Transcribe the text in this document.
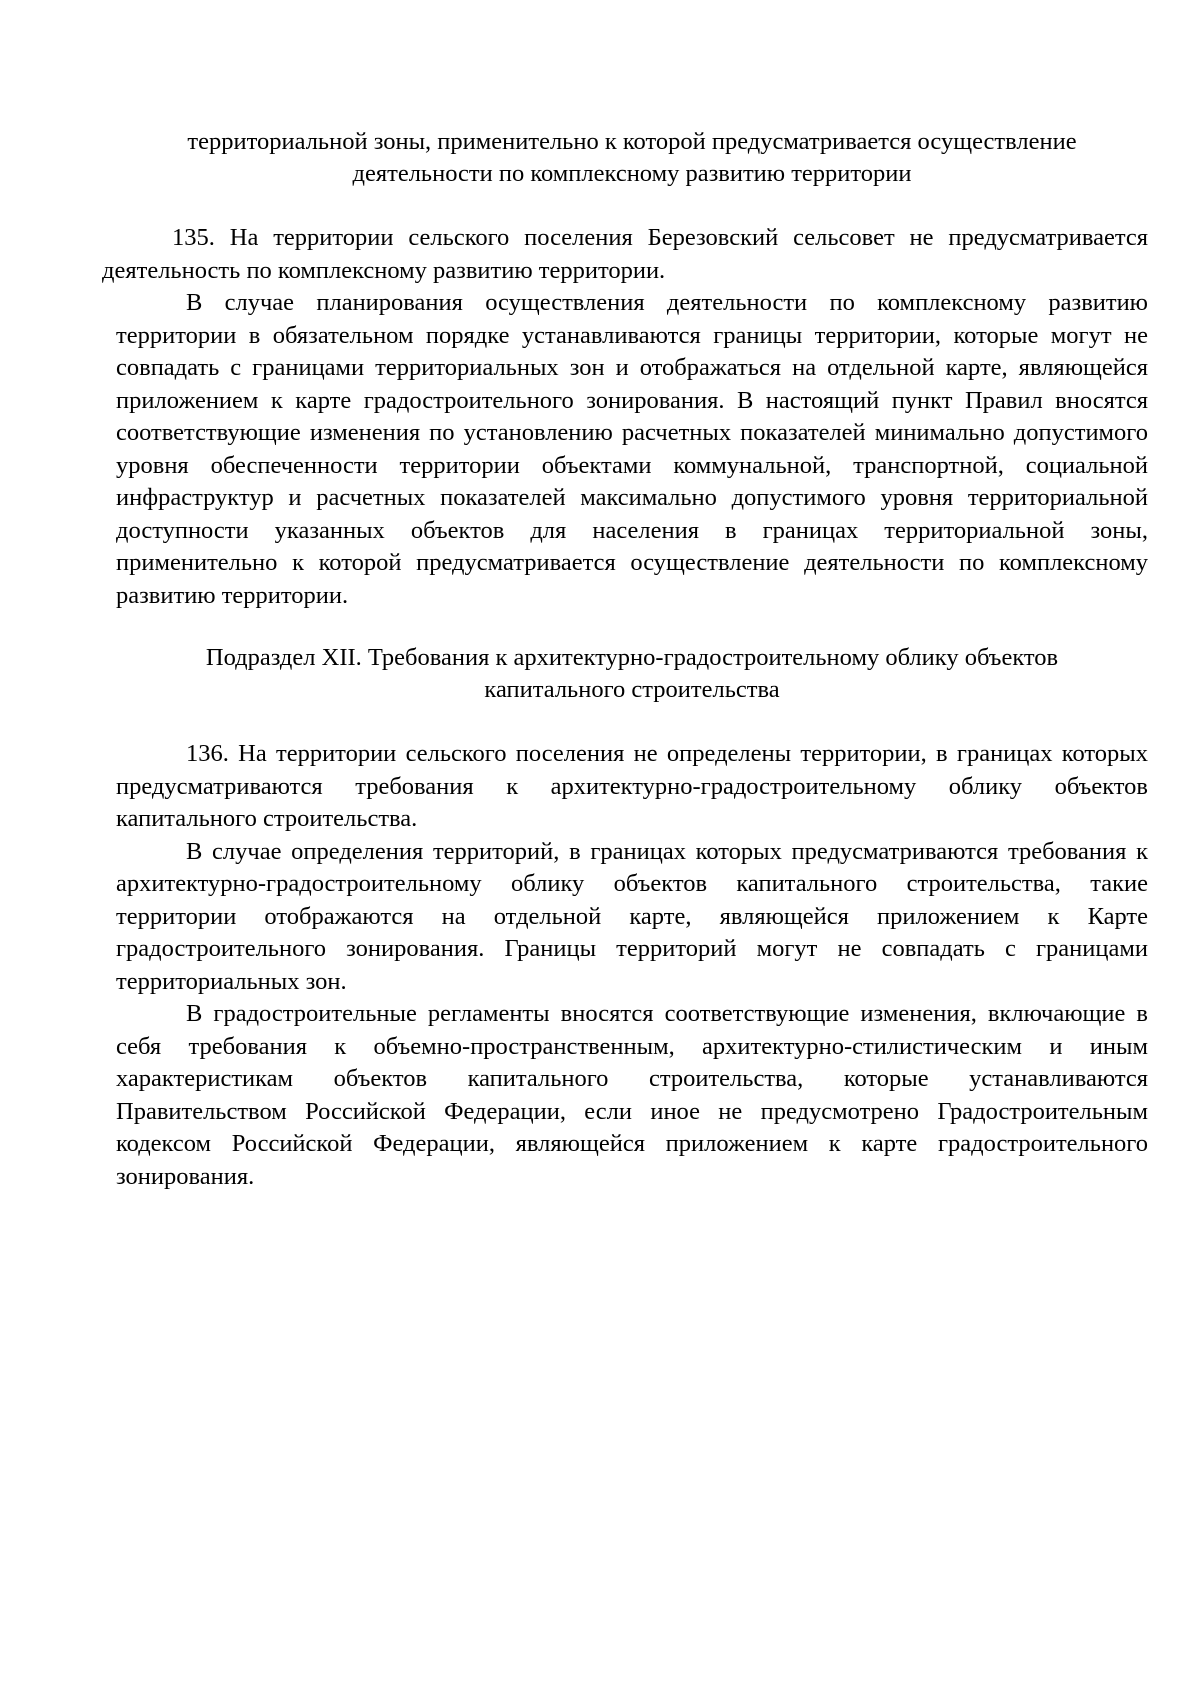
территориальной зоны, применительно к которой предусматривается осуществление
деятельности по комплексному развитию территории

135. На территории сельского поселения Березовский сельсовет не предусматривается деятельность по комплексному развитию территории.

В случае планирования осуществления деятельности по комплексному развитию территории в обязательном порядке устанавливаются границы территории, которые могут не совпадать с границами территориальных зон и отображаться на отдельной карте, являющейся приложением к карте градостроительного зонирования. В настоящий пункт Правил вносятся соответствующие изменения по установлению расчетных показателей минимально допустимого уровня обеспеченности территории объектами коммунальной, транспортной, социальной инфраструктур и расчетных показателей максимально допустимого уровня территориальной доступности указанных объектов для населения в границах территориальной зоны, применительно к которой предусматривается осуществление деятельности по комплексному развитию территории.

Подраздел XII. Требования к архитектурно-градостроительному облику объектов
капитального строительства

136. На территории сельского поселения не определены территории, в границах которых предусматриваются требования к архитектурно-градостроительному облику объектов капитального строительства.

В случае определения территорий, в границах которых предусматриваются требования к архитектурно-градостроительному облику объектов капитального строительства, такие территории отображаются на отдельной карте, являющейся приложением к Карте градостроительного зонирования. Границы территорий могут не совпадать с границами территориальных зон.

В градостроительные регламенты вносятся соответствующие изменения, включающие в себя требования к объемно-пространственным, архитектурно-стилистическим и иным характеристикам объектов капитального строительства, которые устанавливаются Правительством Российской Федерации, если иное не предусмотрено Градостроительным кодексом Российской Федерации, являющейся приложением к карте градостроительного зонирования.
